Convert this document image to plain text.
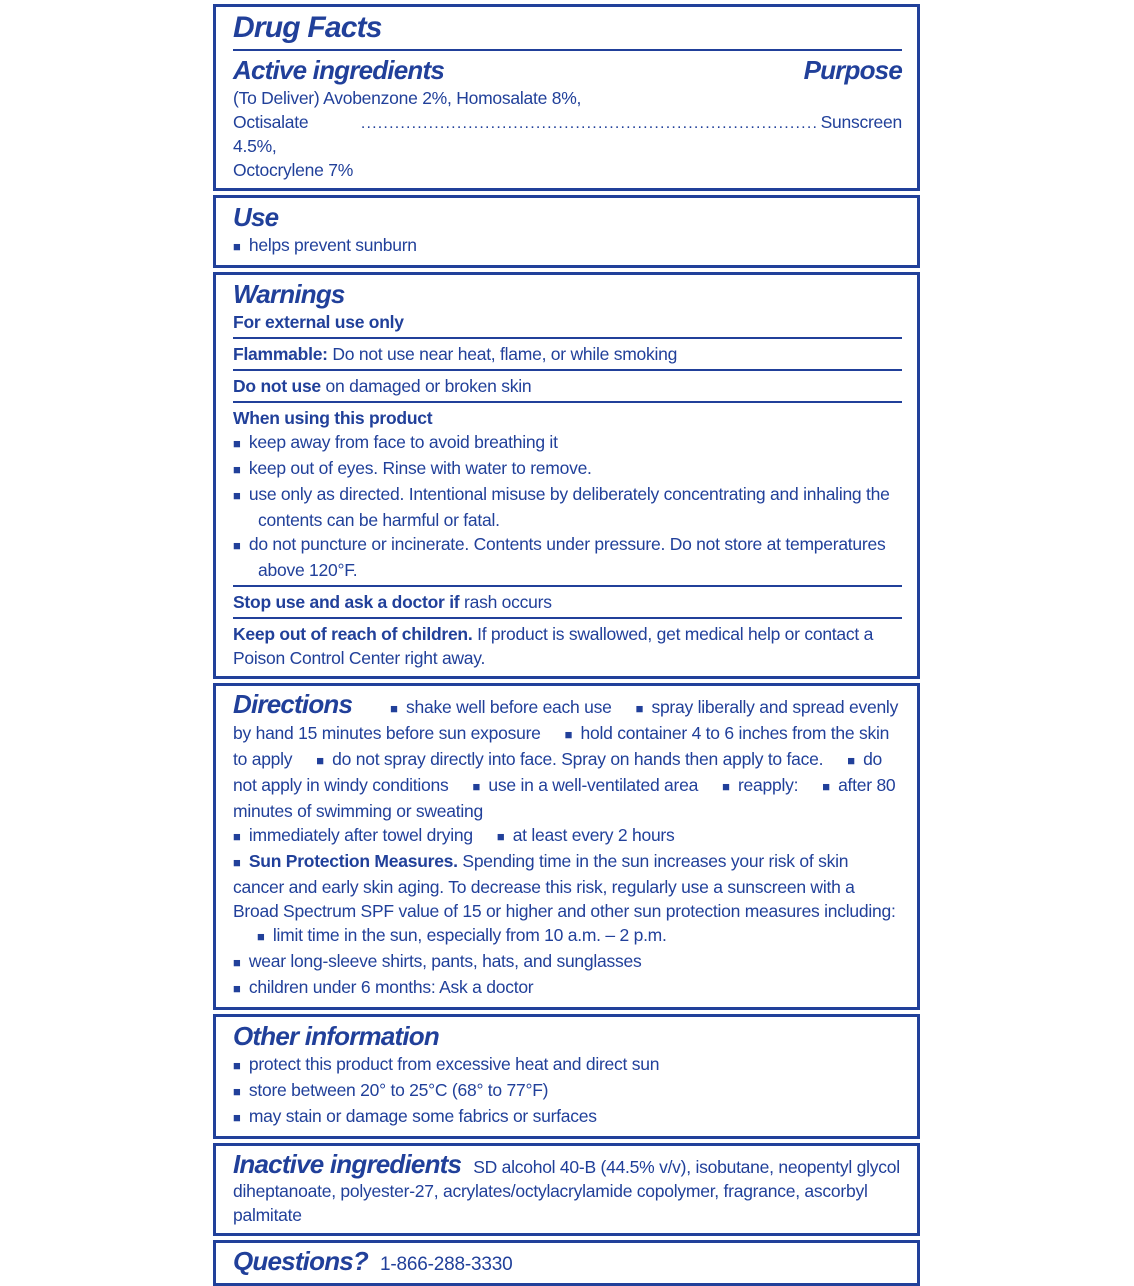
Drug Facts
Active ingredients	Purpose
(To Deliver) Avobenzone 2%, Homosalate 8%,
Octisalate 4.5%, Octocrylene 7%
.....
Sunscreen
Use
■ helps prevent sunburn
Warnings
For external use only
Flammable: Do not use near heat, flame, or while smoking
Do not use on damaged or broken skin
When using this product
■ keep away from face to avoid breathing it
■ keep out of eyes. Rinse with water to remove.
■ use only as directed. Intentional misuse by deliberately concentrating and inhaling the contents can be harmful or fatal.
■ do not puncture or incinerate. Contents under pressure. Do not store at temperatures above 120°F.
Stop use and ask a doctor if rash occurs
Keep out of reach of children. If product is swallowed, get medical help or contact a Poison Control Center right away.
Directions	■ shake well before each use ■ spray liberally and spread evenly by hand 15 minutes before sun exposure ■ hold container 4 to 6 inches from the skin to apply ■ do not spray directly into face. Spray on hands then apply to face. ■ do not apply in windy conditions ■ use in a well-ventilated area ■ reapply: ■ after 80 minutes of swimming or sweating
■ immediately after towel drying ■ at least every 2 hours
■ Sun Protection Measures. Spending time in the sun increases your risk of skin cancer and early skin aging. To decrease this risk, regularly use a sunscreen with a Broad Spectrum SPF value of 15 or higher and other sun protection measures including:■ limit time in the sun, especially from 10 a.m. – 2 p.m.
■ wear long-sleeve shirts, pants, hats, and sunglasses
■ children under 6 months: Ask a doctor
Other information
■ protect this product from excessive heat and direct sun
■ store between 20° to 25°C (68° to 77°F)
■ may stain or damage some fabrics or surfaces
Inactive ingredients SD alcohol 40-B (44.5% v/v), isobutane, neopentyl glycol diheptanoate, polyester-27, acrylates/octylacrylamide copolymer, fragrance, ascorbyl palmitate
Questions? 1-866-288-3330
